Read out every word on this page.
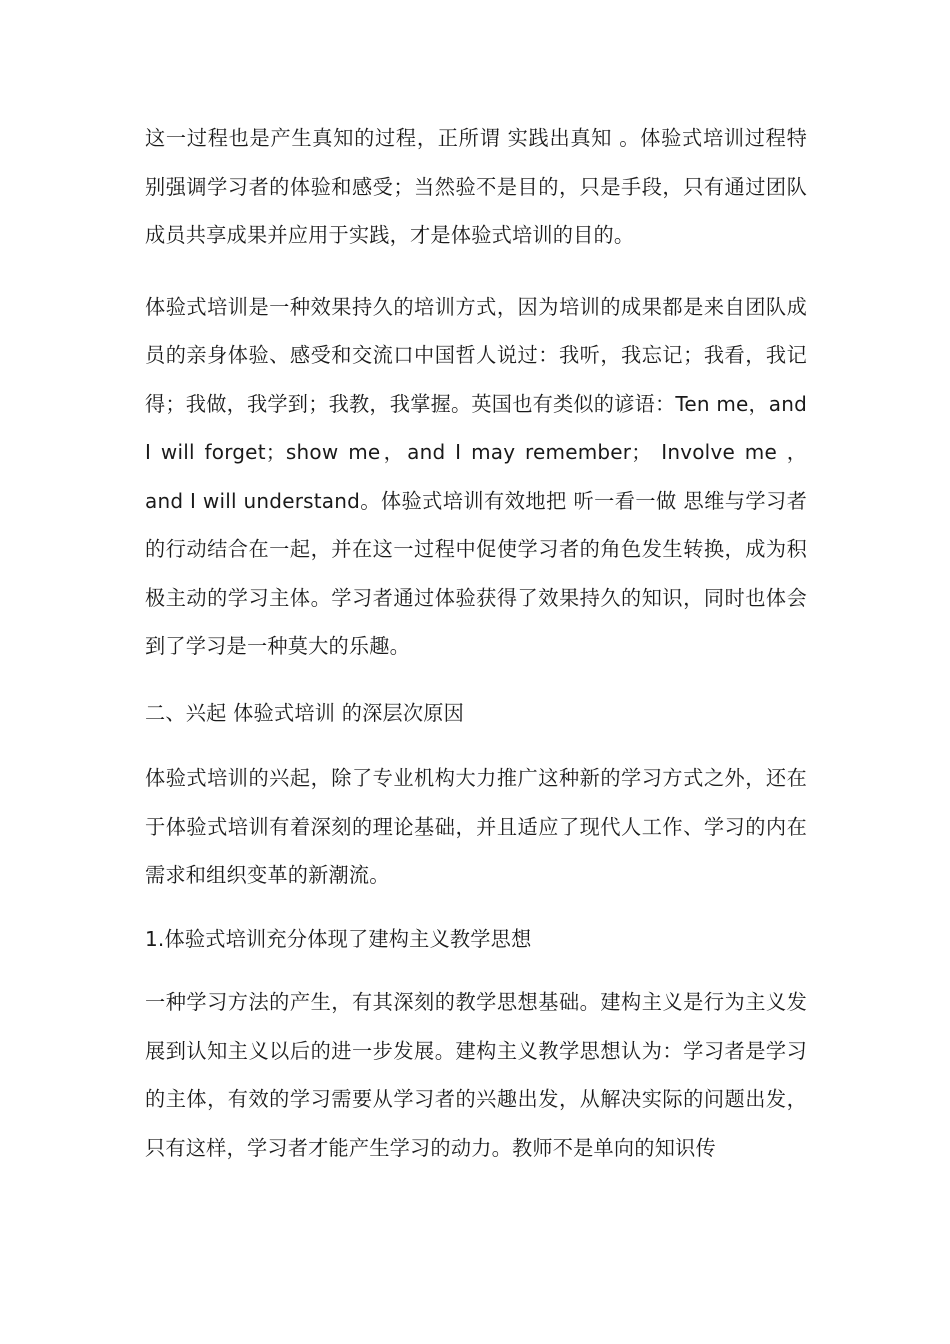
这一过程也是产生真知的过程，正所谓 实践出真知 。体验式培训过程特别强调学习者的体验和感受；当然验不是目的，只是手段，只有通过团队成员共享成果并应用于实践，才是体验式培训的目的。

体验式培训是一种效果持久的培训方式，因为培训的成果都是来自团队成员的亲身体验、感受和交流口中国哲人说过：我听，我忘记；我看，我记得；我做，我学到；我教，我掌握。英国也有类似的谚语：Ten me，and I will forget；show me，and I may remember； Involve me ，and I will understand。体验式培训有效地把 听一看一做 思维与学习者的行动结合在一起，并在这一过程中促使学习者的角色发生转换，成为积极主动的学习主体。学习者通过体验获得了效果持久的知识，同时也体会到了学习是一种莫大的乐趣。

二、兴起 体验式培训 的深层次原因

体验式培训的兴起，除了专业机构大力推广这种新的学习方式之外，还在于体验式培训有着深刻的理论基础，并且适应了现代人工作、学习的内在需求和组织变革的新潮流。

1.体验式培训充分体现了建构主义教学思想

一种学习方法的产生，有其深刻的教学思想基础。建构主义是行为主义发展到认知主义以后的进一步发展。建构主义教学思想认为：学习者是学习的主体，有效的学习需要从学习者的兴趣出发，从解决实际的问题出发，只有这样，学习者才能产生学习的动力。教师不是单向的知识传
